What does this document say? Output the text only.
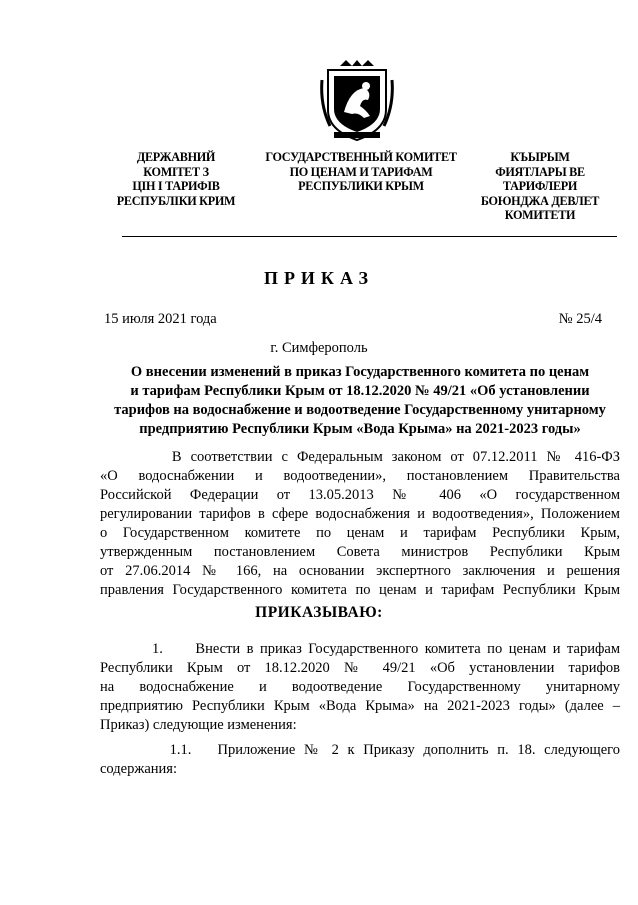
ДЕРЖАВНИЙ
КОМІТЕТ З
ЦІН І ТАРИФІВ
РЕСПУБЛІКИ КРИМ
ГОСУДАРСТВЕННЫЙ КОМИТЕТ
ПО ЦЕНАМ И ТАРИФАМ
РЕСПУБЛИКИ КРЫМ
КЪЫРЫМ
ФИЯТЛАРЫ ВЕ
ТАРИФЛЕРИ
БОЮНДЖА ДЕВЛЕТ
КОМИТЕТИ
ПРИКАЗ
15 июля 2021 года	№ 25/4
г. Симферополь
О внесении изменений в приказ Государственного комитета по ценам
и тарифам Республики Крым от 18.12.2020 № 49/21 «Об установлении
тарифов на водоснабжение и водоотведение Государственному унитарному
предприятию Республики Крым «Вода Крыма» на 2021-2023 годы»
В соответствии с Федеральным законом от 07.12.2011 № 416-ФЗ
«О водоснабжении и водоотведении», постановлением Правительства
Российской Федерации от 13.05.2013 № 406 «О государственном
регулировании тарифов в сфере водоснабжения и водоотведения», Положением
о Государственном комитете по ценам и тарифам Республики Крым,
утвержденным постановлением Совета министров Республики Крым
от 27.06.2014 № 166, на основании экспертного заключения и решения
правления Государственного комитета по ценам и тарифам Республики Крым
ПРИКАЗЫВАЮ:
1.     Внести в приказ Государственного комитета по ценам и тарифам
Республики Крым от 18.12.2020 № 49/21 «Об установлении тарифов
на водоснабжение и водоотведение Государственному унитарному
предприятию Республики Крым «Вода Крыма» на 2021-2023 годы» (далее –
Приказ) следующие изменения:
1.1.   Приложение № 2 к Приказу дополнить п. 18. следующего
содержания:
